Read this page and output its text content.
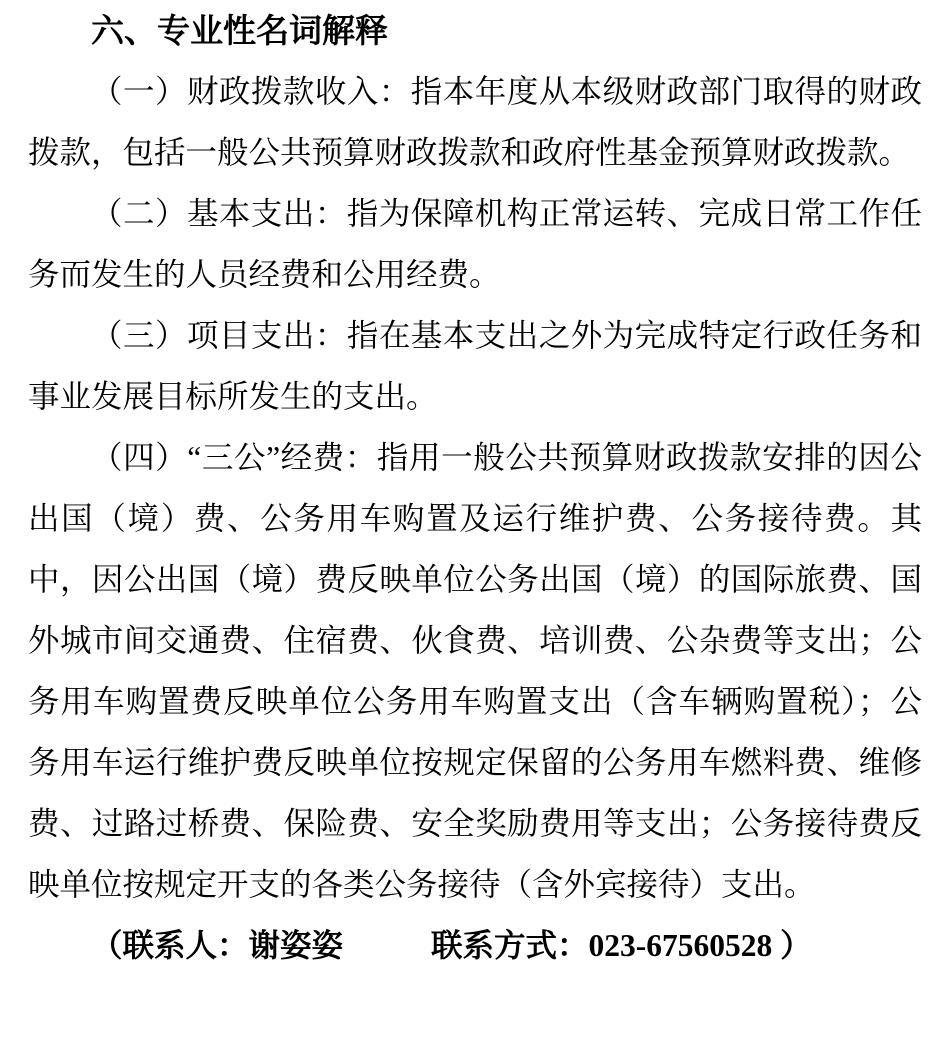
六、专业性名词解释

（一）财政拨款收入：指本年度从本级财政部门取得的财政拨款，包括一般公共预算财政拨款和政府性基金预算财政拨款。

（二）基本支出：指为保障机构正常运转、完成日常工作任务而发生的人员经费和公用经费。

（三）项目支出：指在基本支出之外为完成特定行政任务和事业发展目标所发生的支出。

（四）“三公”经费：指用一般公共预算财政拨款安排的因公出国（境）费、公务用车购置及运行维护费、公务接待费。其中，因公出国（境）费反映单位公务出国（境）的国际旅费、国外城市间交通费、住宿费、伙食费、培训费、公杂费等支出；公务用车购置费反映单位公务用车购置支出（含车辆购置税）；公务用车运行维护费反映单位按规定保留的公务用车燃料费、维修费、过路过桥费、保险费、安全奖励费用等支出；公务接待费反映单位按规定开支的各类公务接待（含外宾接待）支出。

（联系人：谢姿姿	联系方式：023-67560528 ）
